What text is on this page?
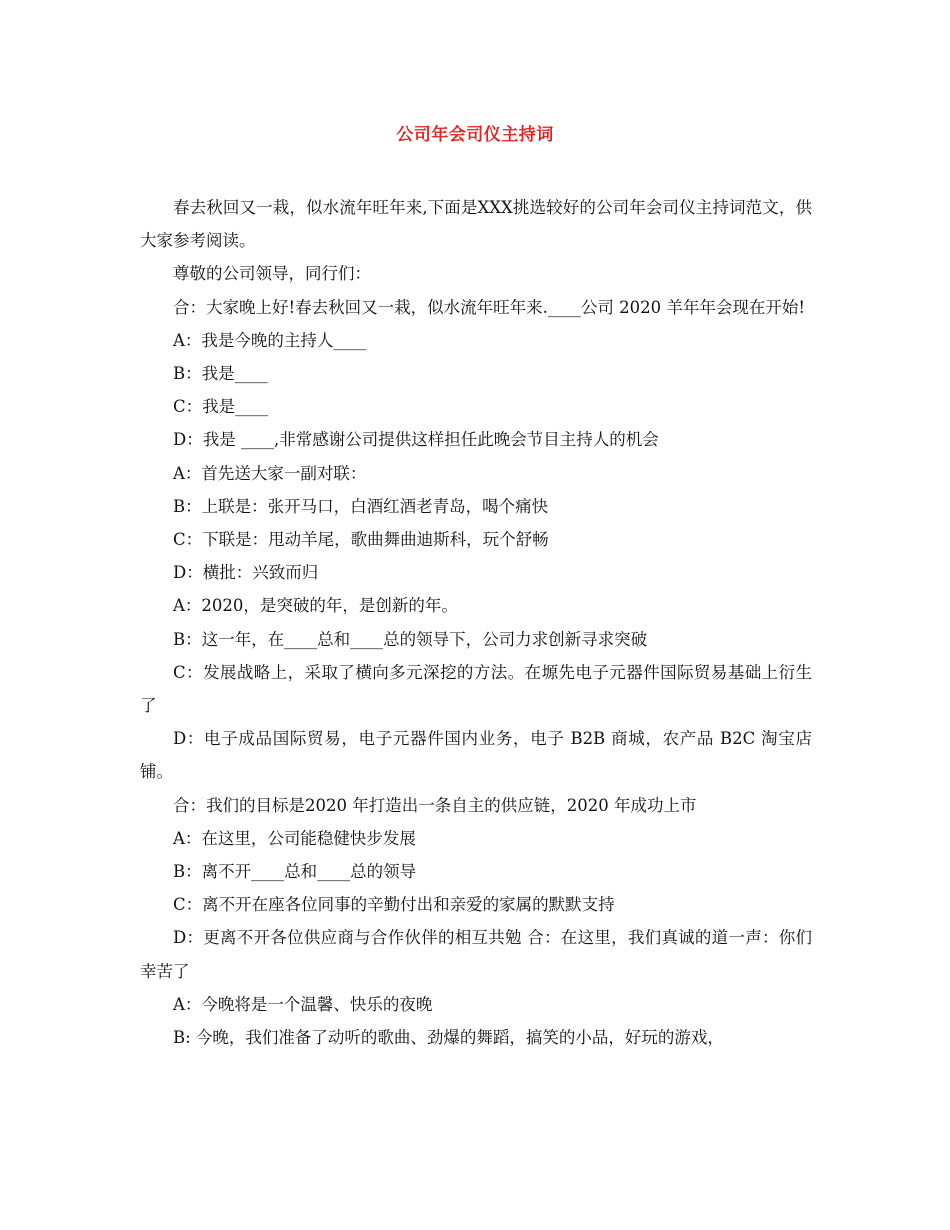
公司年会司仪主持词

春去秋回又一栽，似水流年旺年来,下面是XXX挑选较好的公司年会司仪主持词范文，供大家参考阅读。

尊敬的公司领导，同行们：

合：大家晚上好!春去秋回又一栽，似水流年旺年来.____公司 2020 羊年年会现在开始!

A：我是今晚的主持人____

B：我是____

C：我是____

D：我是 ____,非常感谢公司提供这样担任此晚会节目主持人的机会

A：首先送大家一副对联：

B：上联是：张开马口，白酒红酒老青岛，喝个痛快

C：下联是：甩动羊尾，歌曲舞曲迪斯科，玩个舒畅

D：横批：兴致而归

A：2020，是突破的年，是创新的年。

B：这一年，在____总和____总的领导下，公司力求创新寻求突破

C：发展战略上，采取了横向多元深挖的方法。在塬先电子元器件国际贸易基础上衍生了

D：电子成品国际贸易，电子元器件国内业务，电子 B2B 商城，农产品 B2C 淘宝店铺。

合：我们的目标是2020 年打造出一条自主的供应链，2020 年成功上市

A：在这里，公司能稳健快步发展

B：离不开____总和____总的领导

C：离不开在座各位同事的辛勤付出和亲爱的家属的默默支持

D：更离不开各位供应商与合作伙伴的相互共勉 合：在这里，我们真诚的道一声：你们幸苦了

A：今晚将是一个温馨、快乐的夜晚

B: 今晚，我们准备了动听的歌曲、劲爆的舞蹈，搞笑的小品，好玩的游戏，
